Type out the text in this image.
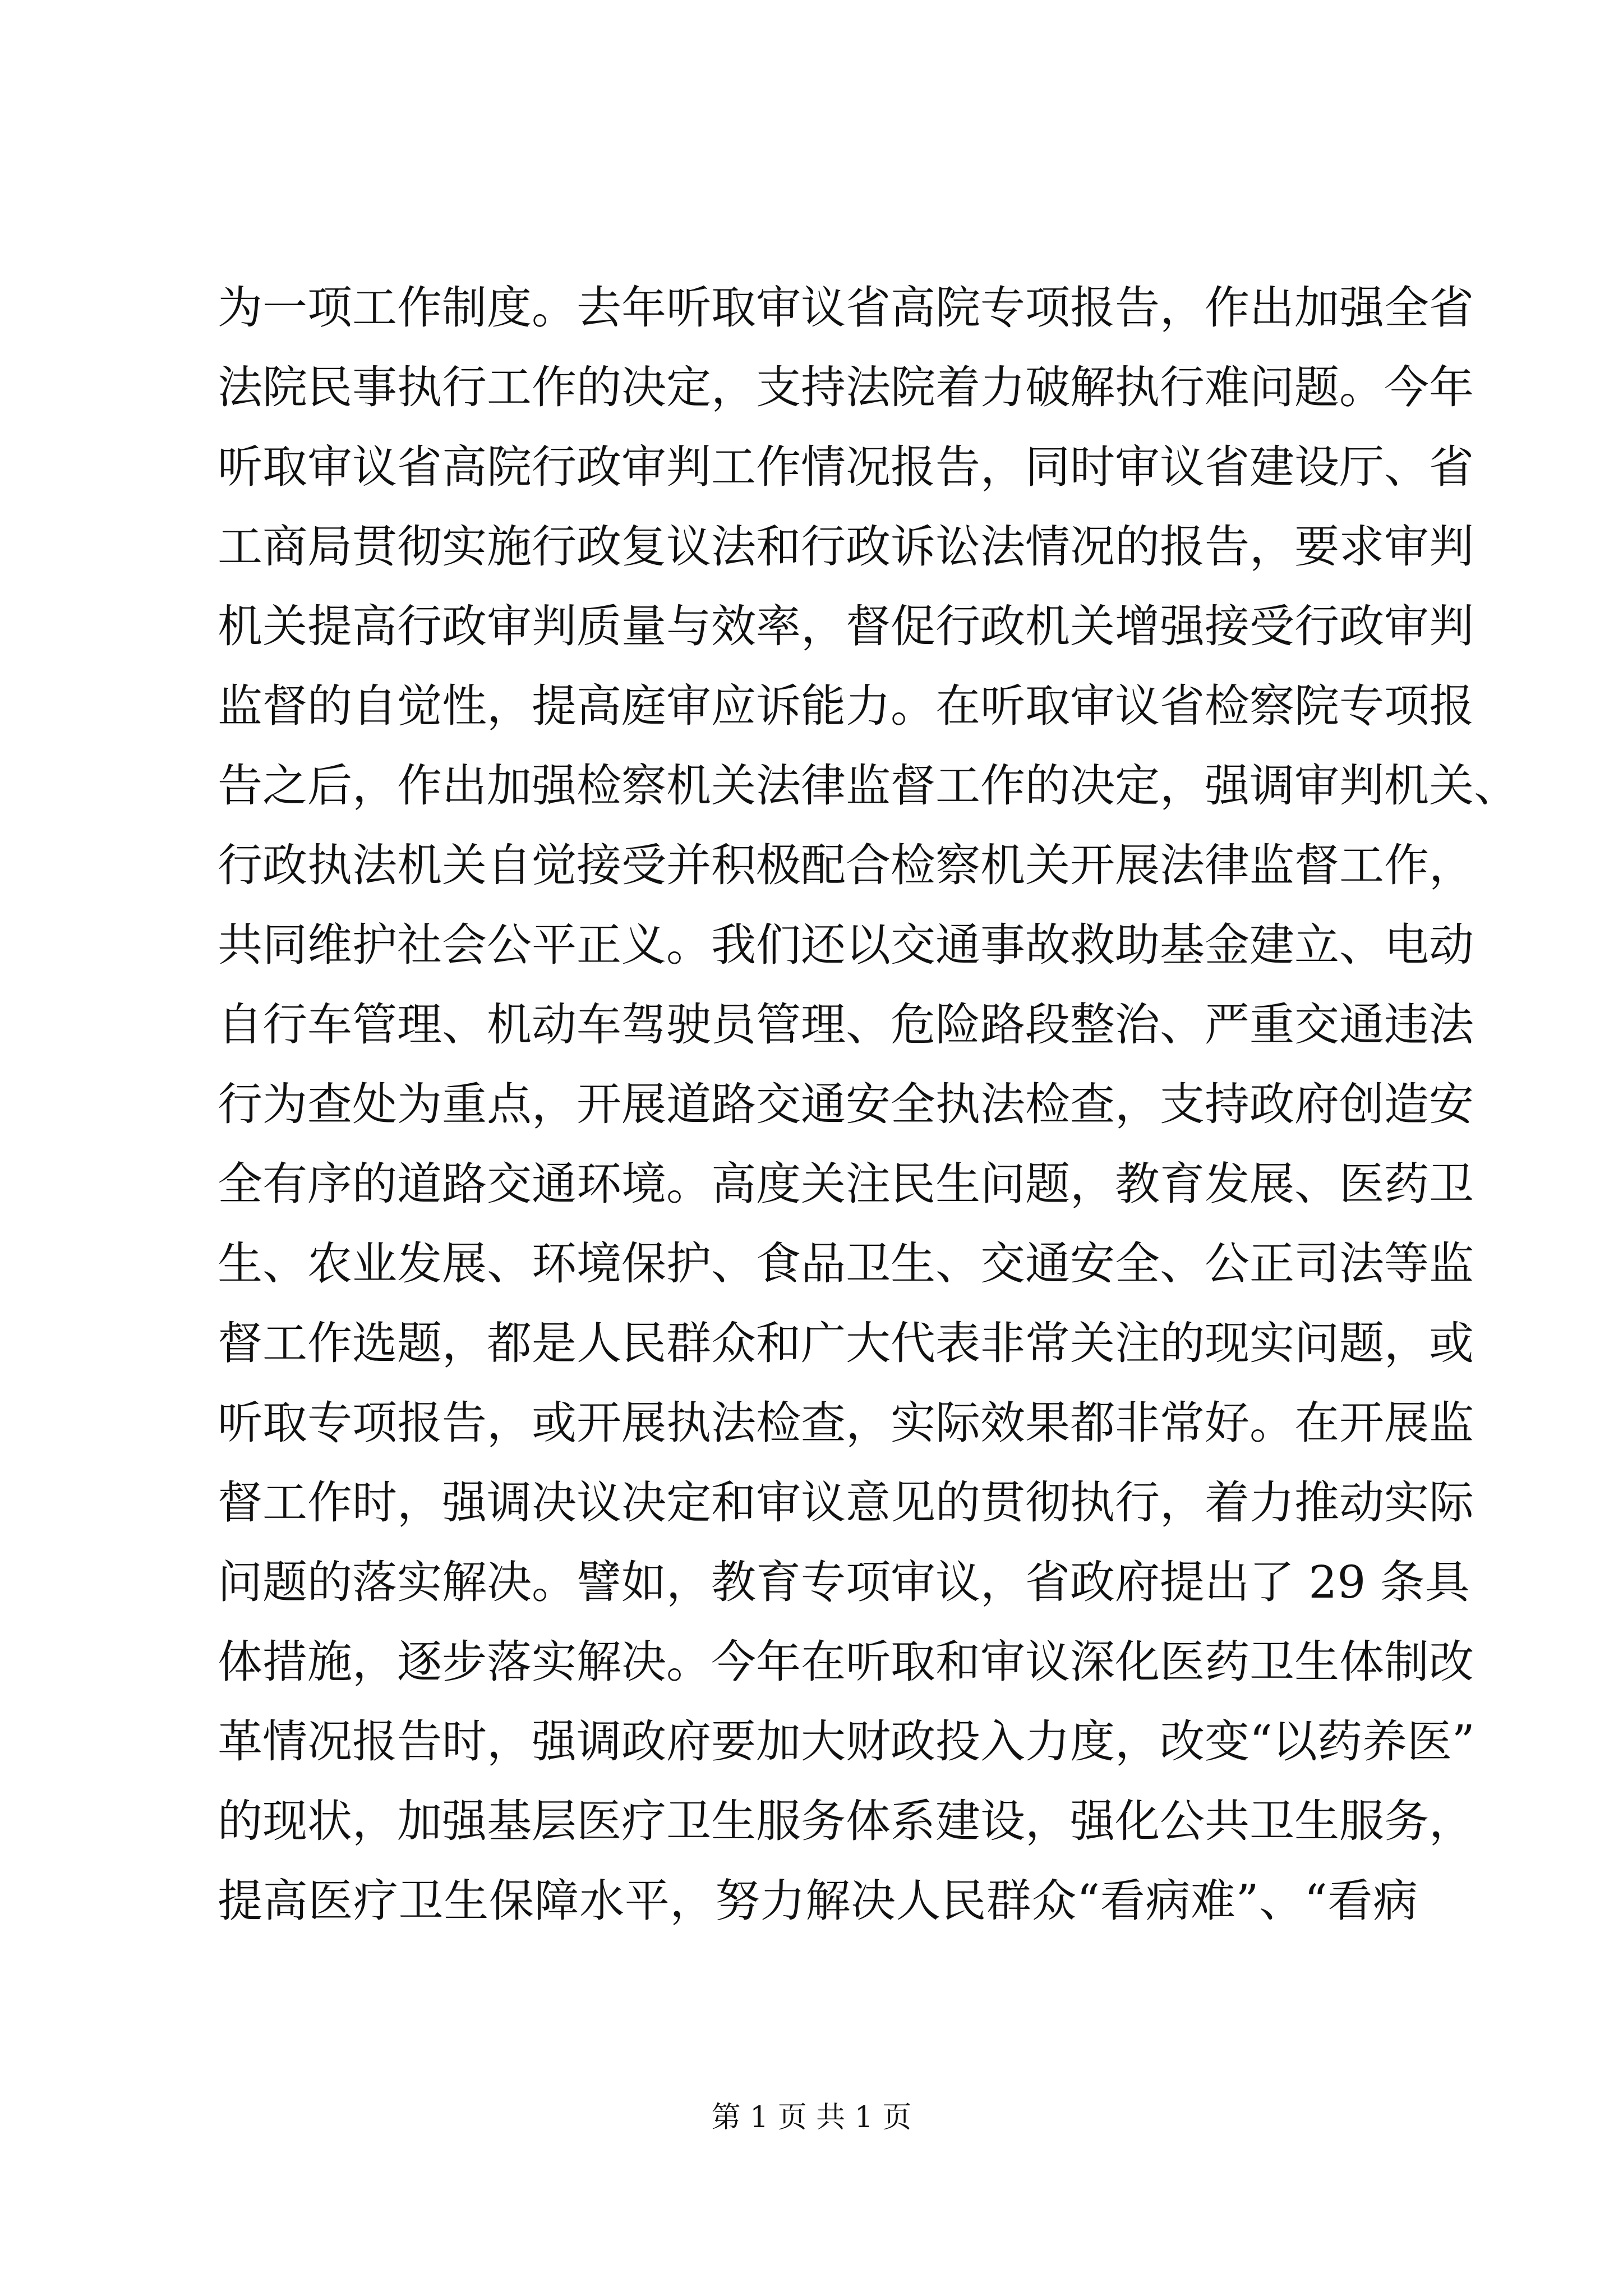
为一项工作制度。去年听取审议省高院专项报告，作出加强全省
法院民事执行工作的决定，支持法院着力破解执行难问题。今年
听取审议省高院行政审判工作情况报告，同时审议省建设厅、省
工商局贯彻实施行政复议法和行政诉讼法情况的报告，要求审判
机关提高行政审判质量与效率，督促行政机关增强接受行政审判
监督的自觉性，提高庭审应诉能力。在听取审议省检察院专项报
告之后，作出加强检察机关法律监督工作的决定，强调审判机关、
行政执法机关自觉接受并积极配合检察机关开展法律监督工作，
共同维护社会公平正义。我们还以交通事故救助基金建立、电动
自行车管理、机动车驾驶员管理、危险路段整治、严重交通违法
行为查处为重点，开展道路交通安全执法检查，支持政府创造安
全有序的道路交通环境。高度关注民生问题，教育发展、医药卫
生、农业发展、环境保护、食品卫生、交通安全、公正司法等监
督工作选题，都是人民群众和广大代表非常关注的现实问题，或
听取专项报告，或开展执法检查，实际效果都非常好。在开展监
督工作时，强调决议决定和审议意见的贯彻执行，着力推动实际
问题的落实解决。譬如，教育专项审议，省政府提出了 29 条具
体措施，逐步落实解决。今年在听取和审议深化医药卫生体制改
革情况报告时，强调政府要加大财政投入力度，改变“以药养医”
的现状，加强基层医疗卫生服务体系建设，强化公共卫生服务，
提高医疗卫生保障水平，努力解决人民群众“看病难”、“看病
第 1 页 共 1 页
